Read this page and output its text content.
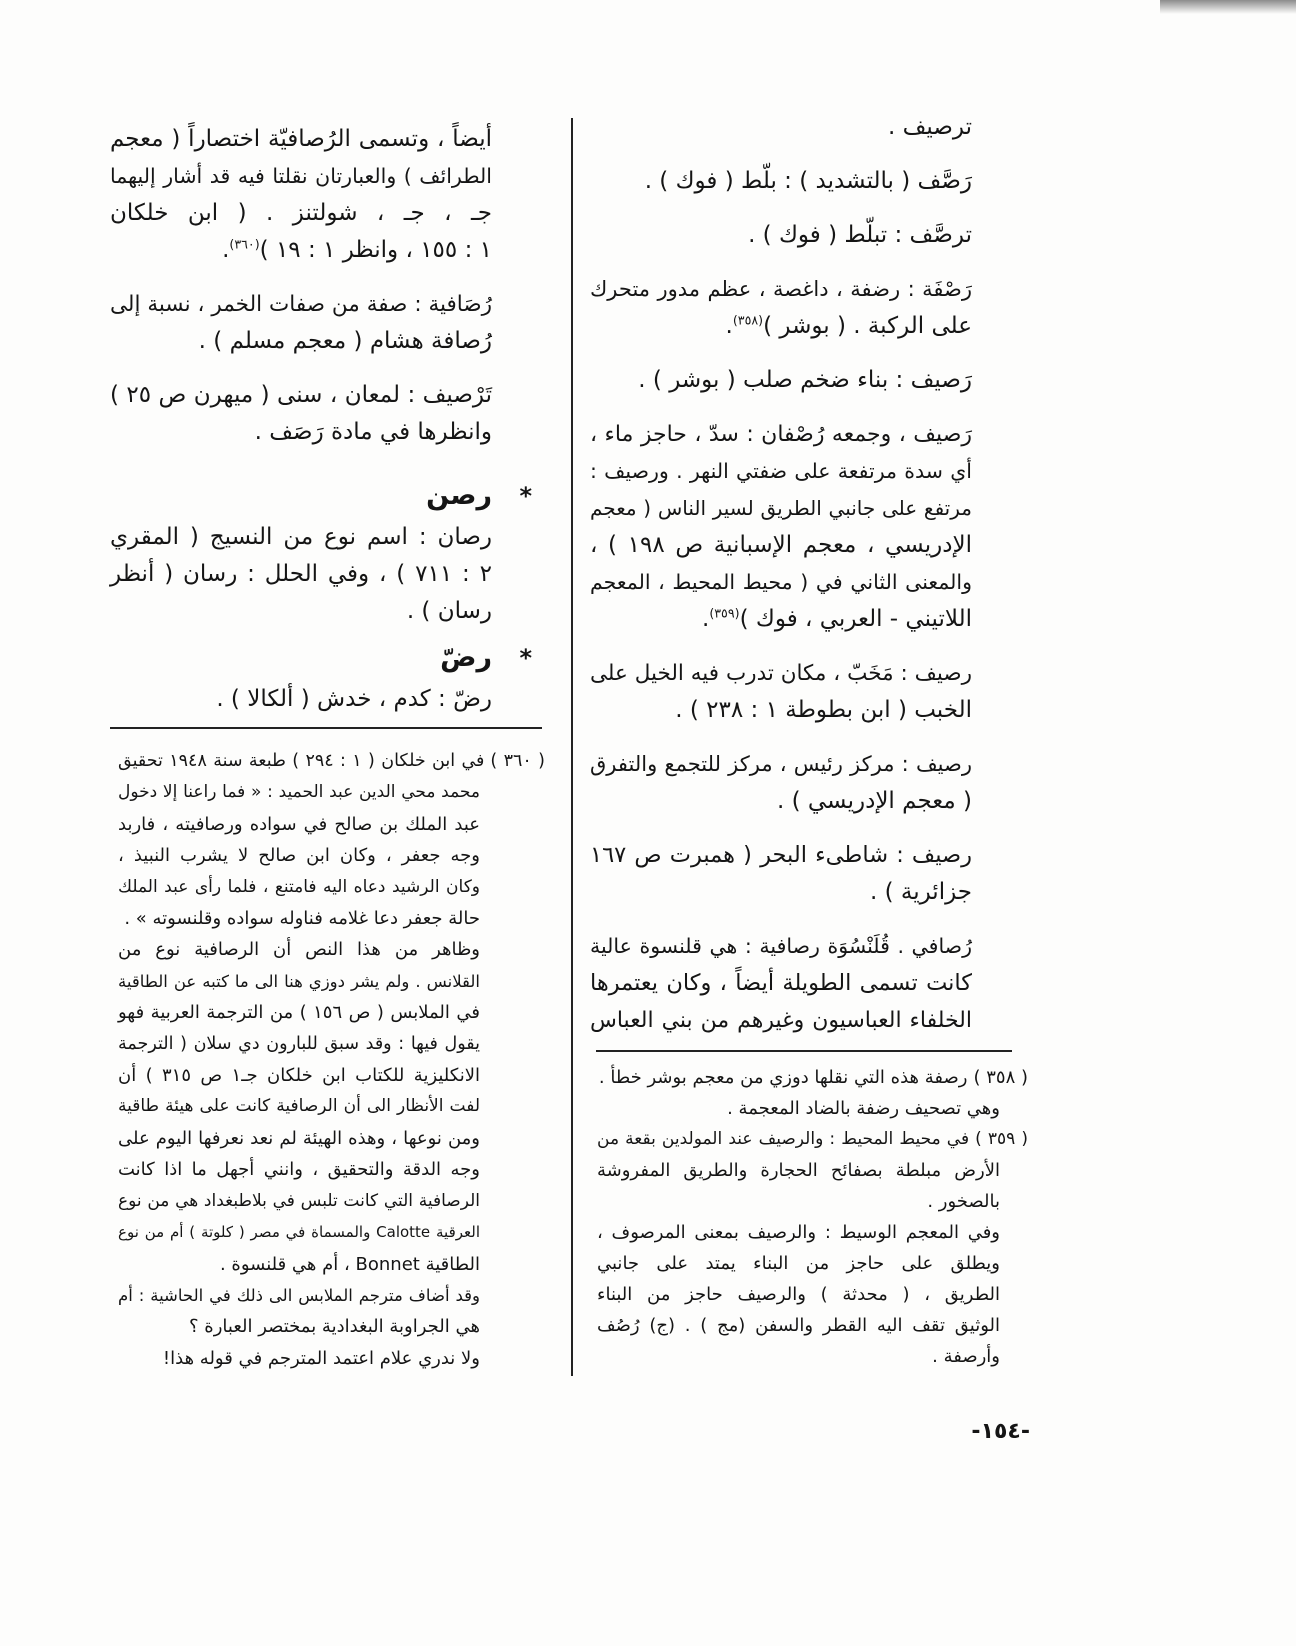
ترصيف .
رَصَّف ( بالتشديد ) : بلّط ( فوك ) .
ترصَّف : تبلّط ( فوك ) .
رَصْفَة : رضفة ، داغصة ، عظم مدور متحرك
على الركبة . ( بوشر )$^{(٣٥٨)}$.
رَصيف : بناء ضخم صلب ( بوشر ) .
رَصيف ، وجمعه رُصْفان : سدّ ، حاجز ماء ،
أي سدة مرتفعة على ضفتي النهر . ورصيف :
مرتفع على جانبي الطريق لسير الناس ( معجم
الإدريسي ، معجم الإسبانية ص ١٩٨ ) ،
والمعنى الثاني في ( محيط المحيط ، المعجم
اللاتيني - العربي ، فوك )$^{(٣٥٩)}$.
رصيف : مَخَبّ ، مكان تدرب فيه الخيل على
الخبب ( ابن بطوطة ١ : ٢٣٨ ) .
رصيف : مركز رئيس ، مركز للتجمع والتفرق
( معجم الإدريسي ) .
رصيف : شاطىء البحر ( همبرت ص ١٦٧
جزائرية ) .
رُصافي . قُلَنْسُوَة رصافية : هي قلنسوة عالية
كانت تسمى الطويلة أيضاً ، وكان يعتمرها
الخلفاء العباسيون وغيرهم من بني العباس
( ٣٥٨ )رصفة هذه التي نقلها دوزي من معجم بوشر خطأ .
وهي تصحيف رضفة بالضاد المعجمة .
( ٣٥٩ )في محيط المحيط : والرصيف عند المولدين بقعة من
الأرض مبلطة بصفائح الحجارة والطريق المفروشة
بالصخور .
وفي المعجم الوسيط : والرصيف بمعنى المرصوف ،
ويطلق على حاجز من البناء يمتد على جانبي
الطريق ، ( محدثة ) والرصيف حاجز من البناء
الوثيق تقف اليه القطر والسفن (مج ) . (ج) رُصُف
وأرصفة .
أيضاً ، وتسمى الرُصافيّة اختصاراً ( معجم
الطرائف ) والعبارتان نقلتا فيه قد أشار إليهما
جـ ، جـ ، شولتنز . ( ابن خلكان
١ : ١٥٥ ، وانظر ١ : ١٩ )$^{(٣٦٠)}$.
رُصَافية : صفة من صفات الخمر ، نسبة إلى
رُصافة هشام ( معجم مسلم ) .
تَرْصيف : لمعان ، سنى ( ميهرن ص ٢٥ )
وانظرها في مادة رَصَف .
*
رصن
رصان : اسم نوع من النسيج ( المقري
٢ : ٧١١ ) ، وفي الحلل : رسان ( أنظر
رسان ) .
*
رضّ
رضّ : كدم ، خدش ( ألكالا ) .
( ٣٦٠ )في ابن خلكان ( ١ : ٢٩٤ ) طبعة سنة ١٩٤٨ تحقيق
محمد محي الدين عبد الحميد : « فما راعنا إلا دخول
عبد الملك بن صالح في سواده ورصافيته ، فاربد
وجه جعفر ، وكان ابن صالح لا يشرب النبيذ ،
وكان الرشيد دعاه اليه فامتنع ، فلما رأى عبد الملك
حالة جعفر دعا غلامه فناوله سواده وقلنسوته » .
وظاهر من هذا النص أن الرصافية نوع من
القلانس . ولم يشر دوزي هنا الى ما كتبه عن الطاقية
في الملابس ( ص ١٥٦ ) من الترجمة العربية فهو
يقول فيها : وقد سبق للبارون دي سلان ( الترجمة
الانكليزية للكتاب ابن خلكان جـ١ ص ٣١٥ ) أن
لفت الأنظار الى أن الرصافية كانت على هيئة طاقية
ومن نوعها ، وهذه الهيئة لم نعد نعرفها اليوم على
وجه الدقة والتحقيق ، وانني أجهل ما اذا كانت
الرصافية التي كانت تلبس في بلاطبغداد هي من نوع
العرقية Calotte والمسماة في مصر ( كلوتة ) أم من نوع
الطاقية Bonnet ، أم هي قلنسوة .
وقد أضاف مترجم الملابس الى ذلك في الحاشية : أم
هي الجراوبة البغدادية بمختصر العبارة ؟
ولا ندري علام اعتمد المترجم في قوله هذا!
-١٥٤-
